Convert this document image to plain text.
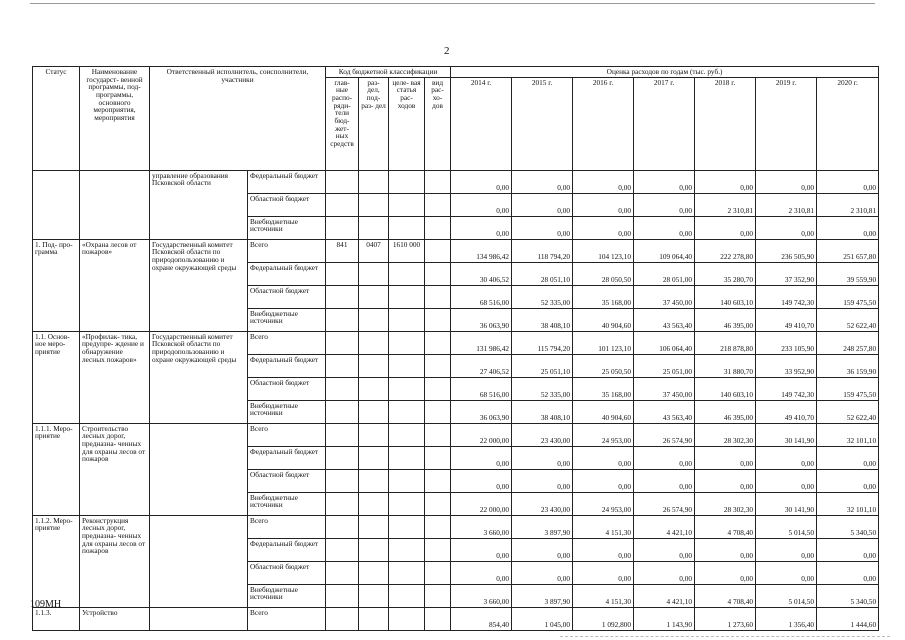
2
Статус	Наименование государст- венной программы, под- программы, основного мероприятия, мероприятия	Ответственный исполнитель, соисполнители, участники		Код бюджетной классификации				Оценка расходов по годам (тыс. руб.)						
				глав- ные распо- ряди- тели бюд- жет- ных средств	раз- дел, под- раз- дел	целе- вая статья рас- ходов	вид рас- хо- дов	2014 г.	2015 г.	2016 г.	2017 г.	2018 г.	2019 г.	2020 г.
		управление образования Псковской области	Федеральный бюджет					0,00	0,00	0,00	0,00	0,00	0,00	0,00
			Областной бюджет					0,00	0,00	0,00	0,00	2 310,81	2 310,81	2 310,81
			Внебюджетные источники					0,00	0,00	0,00	0,00	0,00	0,00	0,00
1. Под- про- грамма	«Охрана лесов от пожаров»	Государственный комитет Псковской области по природопользованию и охране окружающей среды	Всего	841	0407	1610 000		134 986,42	118 794,20	104 123,10	109 064,40	222 278,80	236 505,90	251 657,80
			Федеральный бюджет					30 406,52	28 051,10	28 050,50	28 051,00	35 280,70	37 352,90	39 559,90
			Областной бюджет					68 516,00	52 335,00	35 168,00	37 450,00	140 603,10	149 742,30	159 475,50
			Внебюджетные источники					36 063,90	38 408,10	40 904,60	43 563,40	46 395,00	49 410,70	52 622,40
1.1. Основ- ное меро- приятие	«Профилак- тика, предупре- ждение и обнаружение лесных пожаров»	Государственный комитет Псковской области по природопользованию и охране окружающей среды	Всего					131 986,42	115 794,20	101 123,10	106 064,40	218 878,80	233 105,90	248 257,80
			Федеральный бюджет					27 406,52	25 051,10	25 050,50	25 051,00	31 880,70	33 952,90	36 159,90
			Областной бюджет					68 516,00	52 335,00	35 168,00	37 450,00	140 603,10	149 742,30	159 475,50
			Внебюджетные источники					36 063,90	38 408,10	40 904,60	43 563,40	46 395,00	49 410,70	52 622,40
1.1.1. Меро- приятие	Строительство лесных дорог, предназна- ченных для охраны лесов от пожаров		Всего					22 000,00	23 430,00	24 953,00	26 574,90	28 302,30	30 141,90	32 101,10
			Федеральный бюджет					0,00	0,00	0,00	0,00	0,00	0,00	0,00
			Областной бюджет					0,00	0,00	0,00	0,00	0,00	0,00	0,00
			Внебюджетные источники					22 000,00	23 430,00	24 953,00	26 574,90	28 302,30	30 141,90	32 101,10
1.1.2. Меро- приятие	Реконструкция лесных дорог, предназна- ченных для охраны лесов от пожаров		Всего					3 660,00	3 897,90	4 151,30	4 421,10	4 708,40	5 014,50	5 340,50
			Федеральный бюджет					0,00	0,00	0,00	0,00	0,00	0,00	0,00
			Областной бюджет					0,00	0,00	0,00	0,00	0,00	0,00	0,00
			Внебюджетные источники					3 660,00	3 897,90	4 151,30	4 421,10	4 708,40	5 014,50	5 340,50
1.1.3.	Устройство		Всего					854,40	1 045,00	1 092,800	1 143,90	1 273,60	1 356,40	1 444,60
109МН
